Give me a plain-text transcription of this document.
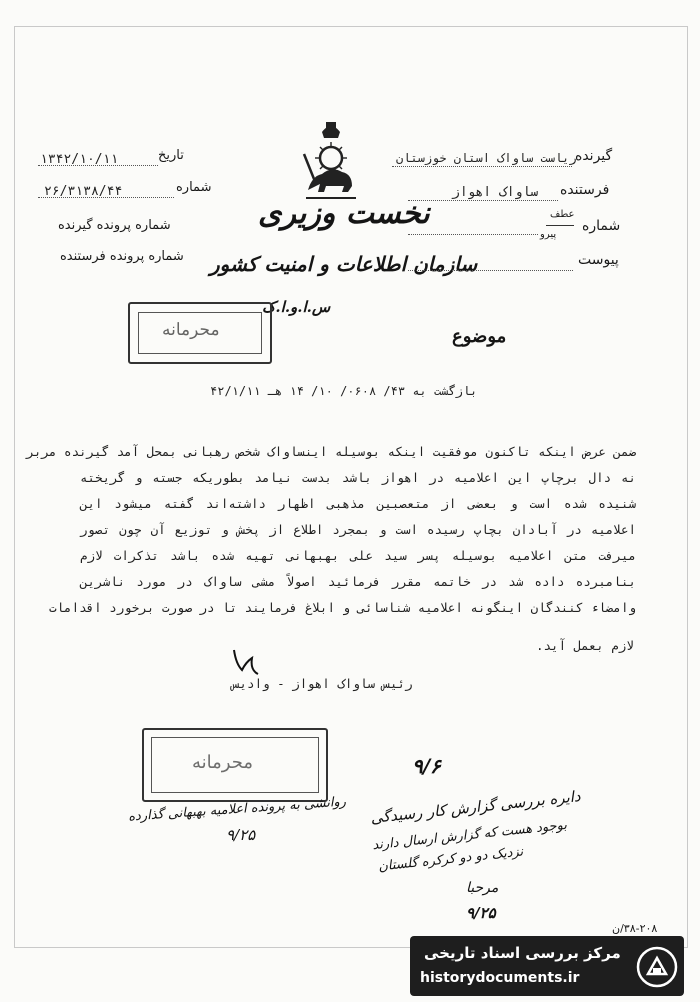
تاریخ
۱۳۴۲/۱۰/۱۱
شماره
۲۶/۳۱۳۸/۴۴
شماره پرونده گیرنده
شماره پرونده فرستنده
نخست وزیری
سازمان اطلاعات و امنیت کشور
س.ا.و.ا.ک
گیرنده
ریاست ساواک استان خوزستان
فرستنده
ساواک اهواز
شماره
عطف
پیرو
پیوست
محرمانه	موضوع
بازگشت به ۴۳/ ۰۶۰۸/ ۱۰/ ۱۴ هـ ۴۲/۱/۱۱
ضمن عرض اینکه تاکنون موفقیت اینکه بوسیله اینساواک شخص رهبانی بمحل آمد گیرنده مربر
نه دال برچاپ این اعلامیه در اهواز باشد بدست نیامد بطوریکه جسته و گریخته
شنیده شده است و بعضی از متعصبین مذهبی اظهار داشته‌اند گفته میشود این
اعلامیه در آبادان بچاپ رسیده است و بمجرد اطلاع از پخش و توزیع آن چون تصور
میرفت متن اعلامیه بوسیله پسر سید علی بهبهانی تهیه شده باشد تذکرات لازم
بنامبرده داده شد در خاتمه مقرر فرمائید اصولاً مشی ساواک در مورد ناشرین
وامضاء کنندگان اینگونه اعلامیه شناسائی و ابلاغ فرمایند تا در صورت برخورد اقدامات
لازم بعمل آید.
رئیس ساواک اهواز - وادیس
محرمانه
روانشی به پرونده اعلامیه بهبهانی گذارده
۹/۲۵
۹/۶
دایره بررسی گزارش کار رسیدگی
بوجود هست که گزارش ارسال دارند
نزدیک دو دو کرکره گلستان
مرحبا
۹/۲۵
۳۸-۲۰۸/ن
مرکز بررسی اسناد تاریخی
historydocuments.ir
